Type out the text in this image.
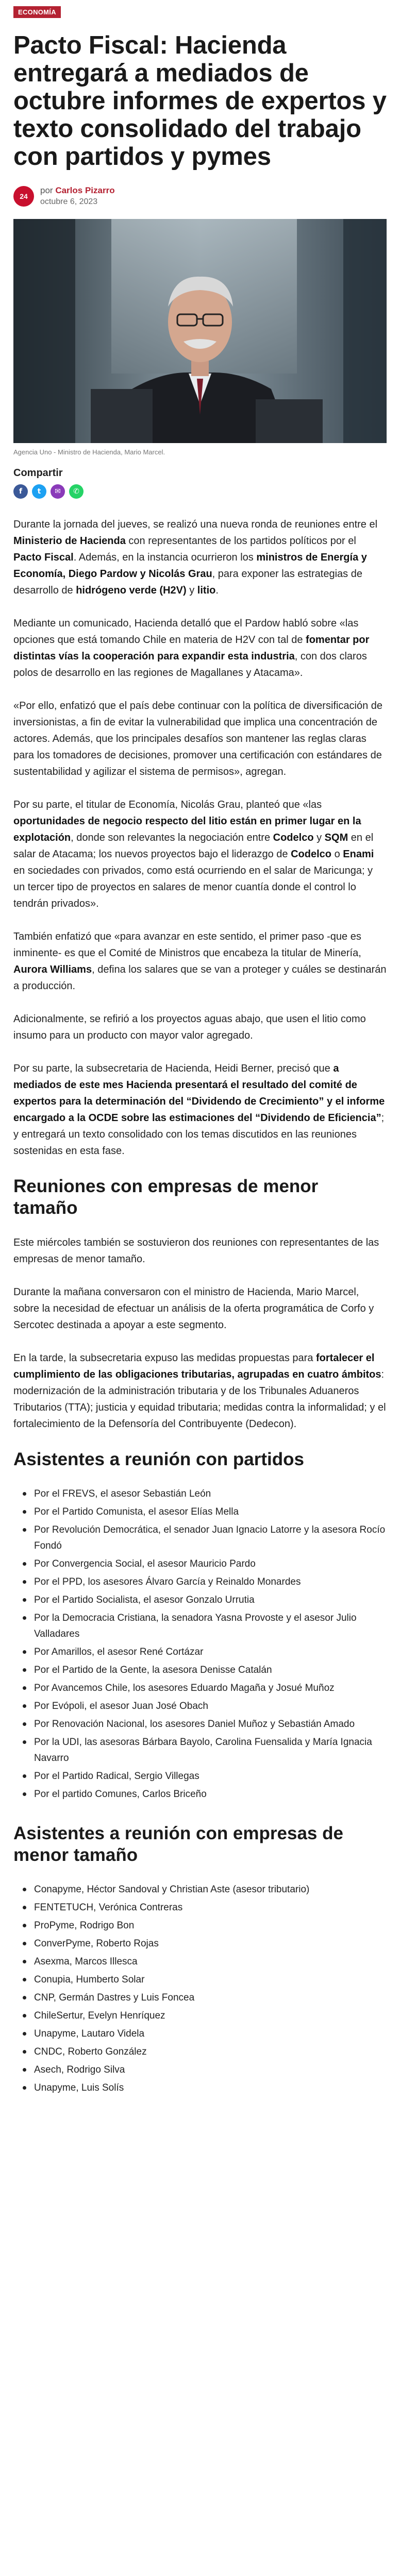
ECONOMÍA
Pacto Fiscal: Hacienda entregará a mediados de octubre informes de expertos y texto consolidado del trabajo con partidos y pymes
24
por Carlos Pizarro
octubre 6, 2023
Agencia Uno - Ministro de Hacienda, Mario Marcel.
Compartir
f	t	✉	✆

Durante la jornada del jueves, se realizó una nueva ronda de reuniones entre el Ministerio de Hacienda con representantes de los partidos políticos por el Pacto Fiscal. Además, en la instancia ocurrieron los ministros de Energía y Economía, Diego Pardow y Nicolás Grau, para exponer las estrategias de desarrollo de hidrógeno verde (H2V) y litio.

Mediante un comunicado, Hacienda detalló que el Pardow habló sobre «las opciones que está tomando Chile en materia de H2V con tal de fomentar por distintas vías la cooperación para expandir esta industria, con dos claros polos de desarrollo en las regiones de Magallanes y Atacama».

«Por ello, enfatizó que el país debe continuar con la política de diversificación de inversionistas, a fin de evitar la vulnerabilidad que implica una concentración de actores. Además, que los principales desafíos son mantener las reglas claras para los tomadores de decisiones, promover una certificación con estándares de sustentabilidad y agilizar el sistema de permisos», agregan.

Por su parte, el titular de Economía, Nicolás Grau, planteó que «las oportunidades de negocio respecto del litio están en primer lugar en la explotación, donde son relevantes la negociación entre Codelco y SQM en el salar de Atacama; los nuevos proyectos bajo el liderazgo de Codelco o Enami en sociedades con privados, como está ocurriendo en el salar de Maricunga; y un tercer tipo de proyectos en salares de menor cuantía donde el control lo tendrán privados».

También enfatizó que «para avanzar en este sentido, el primer paso -que es inminente- es que el Comité de Ministros que encabeza la titular de Minería, Aurora Williams, defina los salares que se van a proteger y cuáles se destinarán a producción.

Adicionalmente, se refirió a los proyectos aguas abajo, que usen el litio como insumo para un producto con mayor valor agregado.

Por su parte, la subsecretaria de Hacienda, Heidi Berner, precisó que a mediados de este mes Hacienda presentará el resultado del comité de expertos para la determinación del “Dividendo de Crecimiento” y el informe encargado a la OCDE sobre las estimaciones del “Dividendo de Eficiencia”; y entregará un texto consolidado con los temas discutidos en las reuniones sostenidas en esta fase.

Reuniones con empresas de menor tamaño

Este miércoles también se sostuvieron dos reuniones con representantes de las empresas de menor tamaño.

Durante la mañana conversaron con el ministro de Hacienda, Mario Marcel, sobre la necesidad de efectuar un análisis de la oferta programática de Corfo y Sercotec destinada a apoyar a este segmento.

En la tarde, la subsecretaria expuso las medidas propuestas para fortalecer el cumplimiento de las obligaciones tributarias, agrupadas en cuatro ámbitos: modernización de la administración tributaria y de los Tribunales Aduaneros Tributarios (TTA); justicia y equidad tributaria; medidas contra la informalidad; y el fortalecimiento de la Defensoría del Contribuyente (Dedecon).

Asistentes a reunión con partidos
Por el FREVS, el asesor Sebastián León
Por el Partido Comunista, el asesor Elías Mella
Por Revolución Democrática, el senador Juan Ignacio Latorre y la asesora Rocío Fondó
Por Convergencia Social, el asesor Mauricio Pardo
Por el PPD, los asesores Álvaro García y Reinaldo Monardes
Por el Partido Socialista, el asesor Gonzalo Urrutia
Por la Democracia Cristiana, la senadora Yasna Provoste y el asesor Julio Valladares
Por Amarillos, el asesor René Cortázar
Por el Partido de la Gente, la asesora Denisse Catalán
Por Avancemos Chile, los asesores Eduardo Magaña y Josué Muñoz
Por Evópoli, el asesor Juan José Obach
Por Renovación Nacional, los asesores Daniel Muñoz y Sebastián Amado
Por la UDI, las asesoras Bárbara Bayolo, Carolina Fuensalida y María Ignacia Navarro
Por el Partido Radical, Sergio Villegas
Por el partido Comunes, Carlos Briceño
Asistentes a reunión con empresas de menor tamaño
Conapyme, Héctor Sandoval y Christian Aste (asesor tributario)
FENTETUCH, Verónica Contreras
ProPyme, Rodrigo Bon
ConverPyme, Roberto Rojas
Asexma, Marcos Illesca
Conupia, Humberto Solar
CNP, Germán Dastres y Luis Foncea
ChileSertur, Evelyn Henríquez
Unapyme, Lautaro Videla
CNDC, Roberto González
Asech, Rodrigo Silva
Unapyme, Luis Solís
